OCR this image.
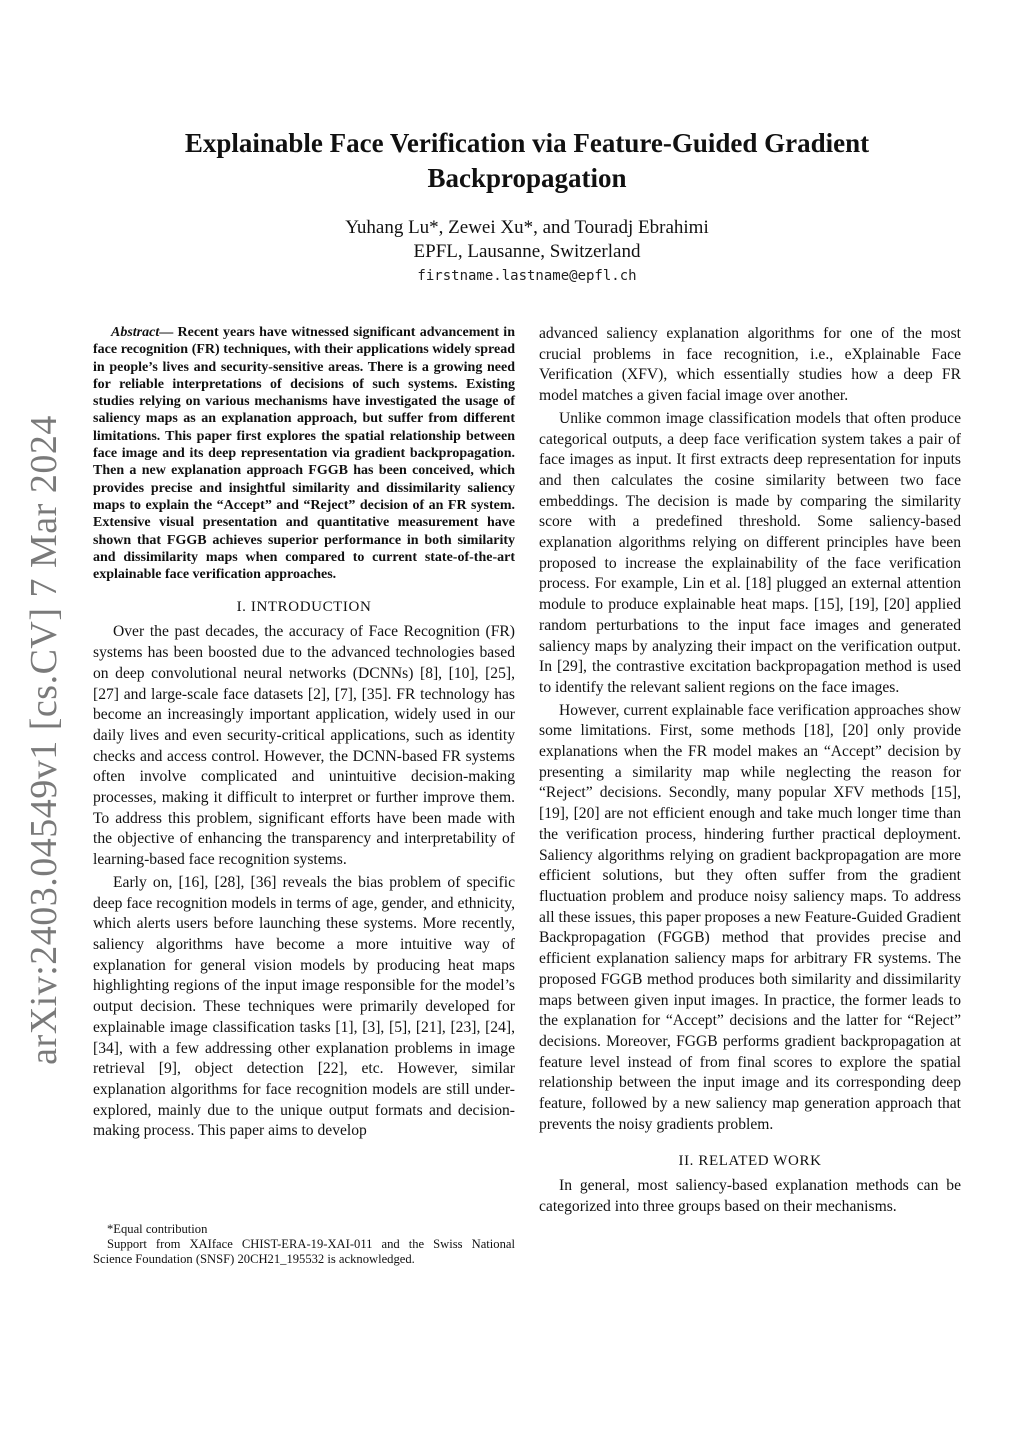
arXiv:2403.04549v1 [cs.CV] 7 Mar 2024
Explainable Face Verification via Feature-Guided Gradient Backpropagation
Yuhang Lu*, Zewei Xu*, and Touradj Ebrahimi
EPFL, Lausanne, Switzerland
firstname.lastname@epfl.ch

Abstract— Recent years have witnessed significant advancement in face recognition (FR) techniques, with their applications widely spread in people’s lives and security-sensitive areas. There is a growing need for reliable interpretations of decisions of such systems. Existing studies relying on various mechanisms have investigated the usage of saliency maps as an explanation approach, but suffer from different limitations. This paper first explores the spatial relationship between face image and its deep representation via gradient backpropagation. Then a new explanation approach FGGB has been conceived, which provides precise and insightful similarity and dissimilarity saliency maps to explain the “Accept” and “Reject” decision of an FR system. Extensive visual presentation and quantitative measurement have shown that FGGB achieves superior performance in both similarity and dissimilarity maps when compared to current state-of-the-art explainable face verification approaches.

I. INTRODUCTION

Over the past decades, the accuracy of Face Recognition (FR) systems has been boosted due to the advanced technologies based on deep convolutional neural networks (DCNNs) [8], [10], [25], [27] and large-scale face datasets [2], [7], [35]. FR technology has become an increasingly important application, widely used in our daily lives and even security-critical applications, such as identity checks and access control. However, the DCNN-based FR systems often involve complicated and unintuitive decision-making processes, making it difficult to interpret or further improve them. To address this problem, significant efforts have been made with the objective of enhancing the transparency and interpretability of learning-based face recognition systems.

Early on, [16], [28], [36] reveals the bias problem of specific deep face recognition models in terms of age, gender, and ethnicity, which alerts users before launching these systems. More recently, saliency algorithms have become a more intuitive way of explanation for general vision models by producing heat maps highlighting regions of the input image responsible for the model’s output decision. These techniques were primarily developed for explainable image classification tasks [1], [3], [5], [21], [23], [24], [34], with a few addressing other explanation problems in image retrieval [9], object detection [22], etc. However, similar explanation algorithms for face recognition models are still under-explored, mainly due to the unique output formats and decision-making process. This paper aims to develop

advanced saliency explanation algorithms for one of the most crucial problems in face recognition, i.e., eXplainable Face Verification (XFV), which essentially studies how a deep FR model matches a given facial image over another.

Unlike common image classification models that often produce categorical outputs, a deep face verification system takes a pair of face images as input. It first extracts deep representation for inputs and then calculates the cosine similarity between two face embeddings. The decision is made by comparing the similarity score with a predefined threshold. Some saliency-based explanation algorithms relying on different principles have been proposed to increase the explainability of the face verification process. For example, Lin et al. [18] plugged an external attention module to produce explainable heat maps. [15], [19], [20] applied random perturbations to the input face images and generated saliency maps by analyzing their impact on the verification output. In [29], the contrastive excitation backpropagation method is used to identify the relevant salient regions on the face images.

However, current explainable face verification approaches show some limitations. First, some methods [18], [20] only provide explanations when the FR model makes an “Accept” decision by presenting a similarity map while neglecting the reason for “Reject” decisions. Secondly, many popular XFV methods [15], [19], [20] are not efficient enough and take much longer time than the verification process, hindering further practical deployment. Saliency algorithms relying on gradient backpropagation are more efficient solutions, but they often suffer from the gradient fluctuation problem and produce noisy saliency maps. To address all these issues, this paper proposes a new Feature-Guided Gradient Backpropagation (FGGB) method that provides precise and efficient explanation saliency maps for arbitrary FR systems. The proposed FGGB method produces both similarity and dissimilarity maps between given input images. In practice, the former leads to the explanation for “Accept” decisions and the latter for “Reject” decisions. Moreover, FGGB performs gradient backpropagation at feature level instead of from final scores to explore the spatial relationship between the input image and its corresponding deep feature, followed by a new saliency map generation approach that prevents the noisy gradients problem.

II. RELATED WORK

In general, most saliency-based explanation methods can be categorized into three groups based on their mechanisms.

*Equal contribution

Support from XAIface CHIST-ERA-19-XAI-011 and the Swiss National Science Foundation (SNSF) 20CH21_195532 is acknowledged.
